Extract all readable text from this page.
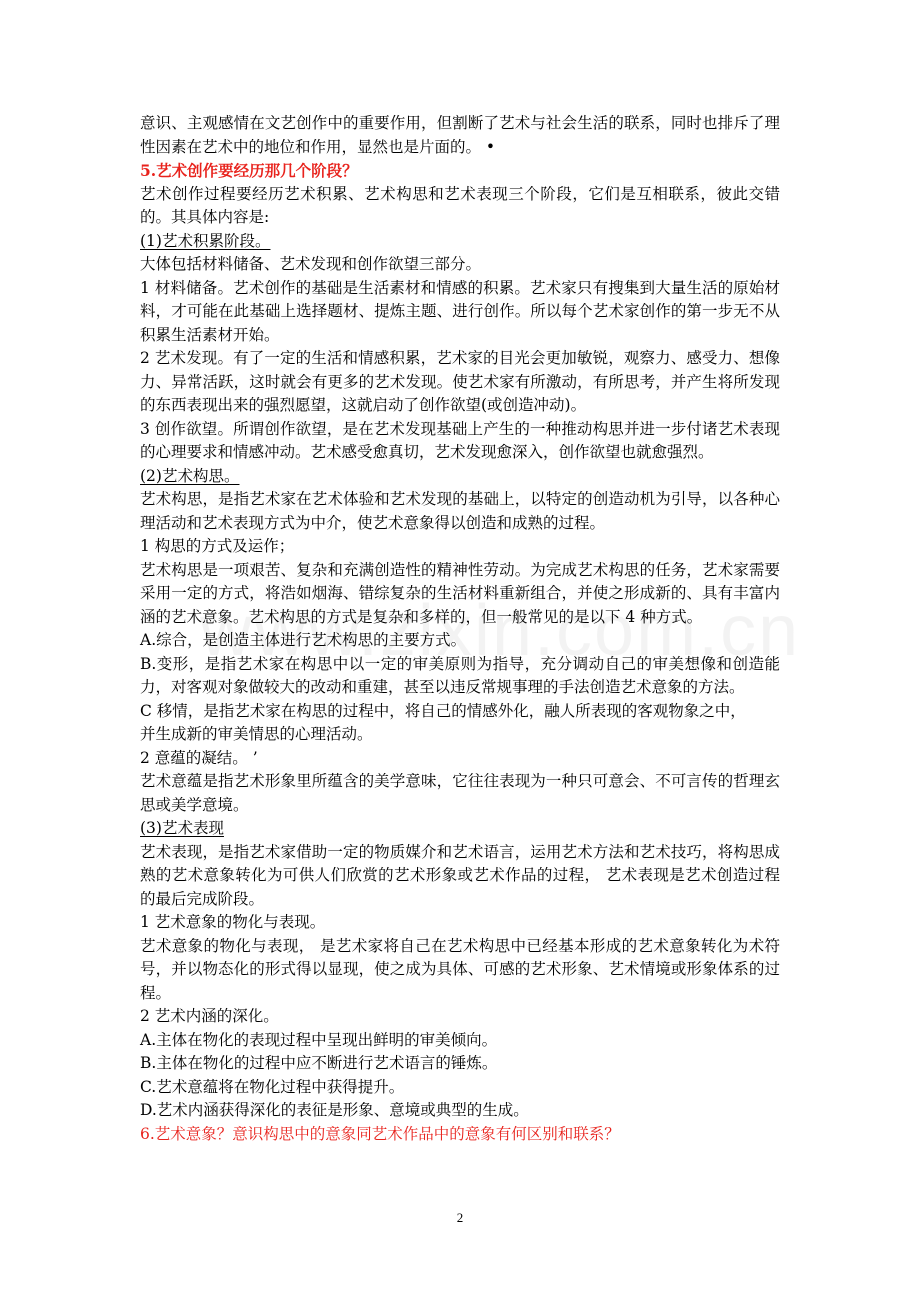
意识、主观感情在文艺创作中的重要作用，但割断了艺术与社会生活的联系，同时也排斥了理性因素在艺术中的地位和作用，显然也是片面的。 •

5.艺术创作要经历那几个阶段？

艺术创作过程要经历艺术积累、艺术构思和艺术表现三个阶段，它们是互相联系，彼此交错的。其具体内容是:

(1)艺术积累阶段。

大体包括材料储备、艺术发现和创作欲望三部分。

1 材料储备。艺术创作的基础是生活素材和情感的积累。艺术家只有搜集到大量生活的原始材料，才可能在此基础上选择题材、提炼主题、进行创作。所以每个艺术家创作的第一步无不从积累生活素材开始。

2 艺术发现。有了一定的生活和情感积累，艺术家的目光会更加敏锐，观察力、感受力、想像力、异常活跃，这时就会有更多的艺术发现。使艺术家有所激动，有所思考，并产生将所发现的东西表现出来的强烈愿望，这就启动了创作欲望(或创造冲动)。

3 创作欲望。所谓创作欲望，是在艺术发现基础上产生的一种推动构思并进一步付诸艺术表现的心理要求和情感冲动。艺术感受愈真切，艺术发现愈深入，创作欲望也就愈强烈。

(2)艺术构思。

艺术构思，是指艺术家在艺术体验和艺术发现的基础上，以特定的创造动机为引导，以各种心理活动和艺术表现方式为中介，使艺术意象得以创造和成熟的过程。

1 构思的方式及运作；

艺术构思是一项艰苦、复杂和充满创造性的精神性劳动。为完成艺术构思的任务，艺术家需要采用一定的方式，将浩如烟海、错综复杂的生活材料重新组合，并使之形成新的、具有丰富内涵的艺术意象。艺术构思的方式是复杂和多样的，但一般常见的是以下 4 种方式。

A.综合，是创造主体进行艺术构思的主要方式。

B.变形，是指艺术家在构思中以一定的审美原则为指导，充分调动自己的审美想像和创造能力，对客观对象做较大的改动和重建，甚至以违反常规事理的手法创造艺术意象的方法。

C 移情，是指艺术家在构思的过程中，将自己的情感外化，融人所表现的客观物象之中，

并生成新的审美情思的心理活动。

2 意蕴的凝结。 ’

艺术意蕴是指艺术形象里所蕴含的美学意味，它往往表现为一种只可意会、不可言传的哲理玄思或美学意境。

(3)艺术表现

艺术表现，是指艺术家借助一定的物质媒介和艺术语言，运用艺术方法和艺术技巧，将构思成熟的艺术意象转化为可供人们欣赏的艺术形象或艺术作品的过程， 艺术表现是艺术创造过程的最后完成阶段。

1 艺术意象的物化与表现。

艺术意象的物化与表现， 是艺术家将自己在艺术构思中已经基本形成的艺术意象转化为术符号，并以物态化的形式得以显现，使之成为具体、可感的艺术形象、艺术情境或形象体系的过程。

2 艺术内涵的深化。

A.主体在物化的表现过程中呈现出鲜明的审美倾向。

B.主体在物化的过程中应不断进行艺术语言的锤炼。

C.艺术意蕴将在物化过程中获得提升。

D.艺术内涵获得深化的表征是形象、意境或典型的生成。

6.艺术意象？意识构思中的意象同艺术作品中的意象有何区别和联系？

2
